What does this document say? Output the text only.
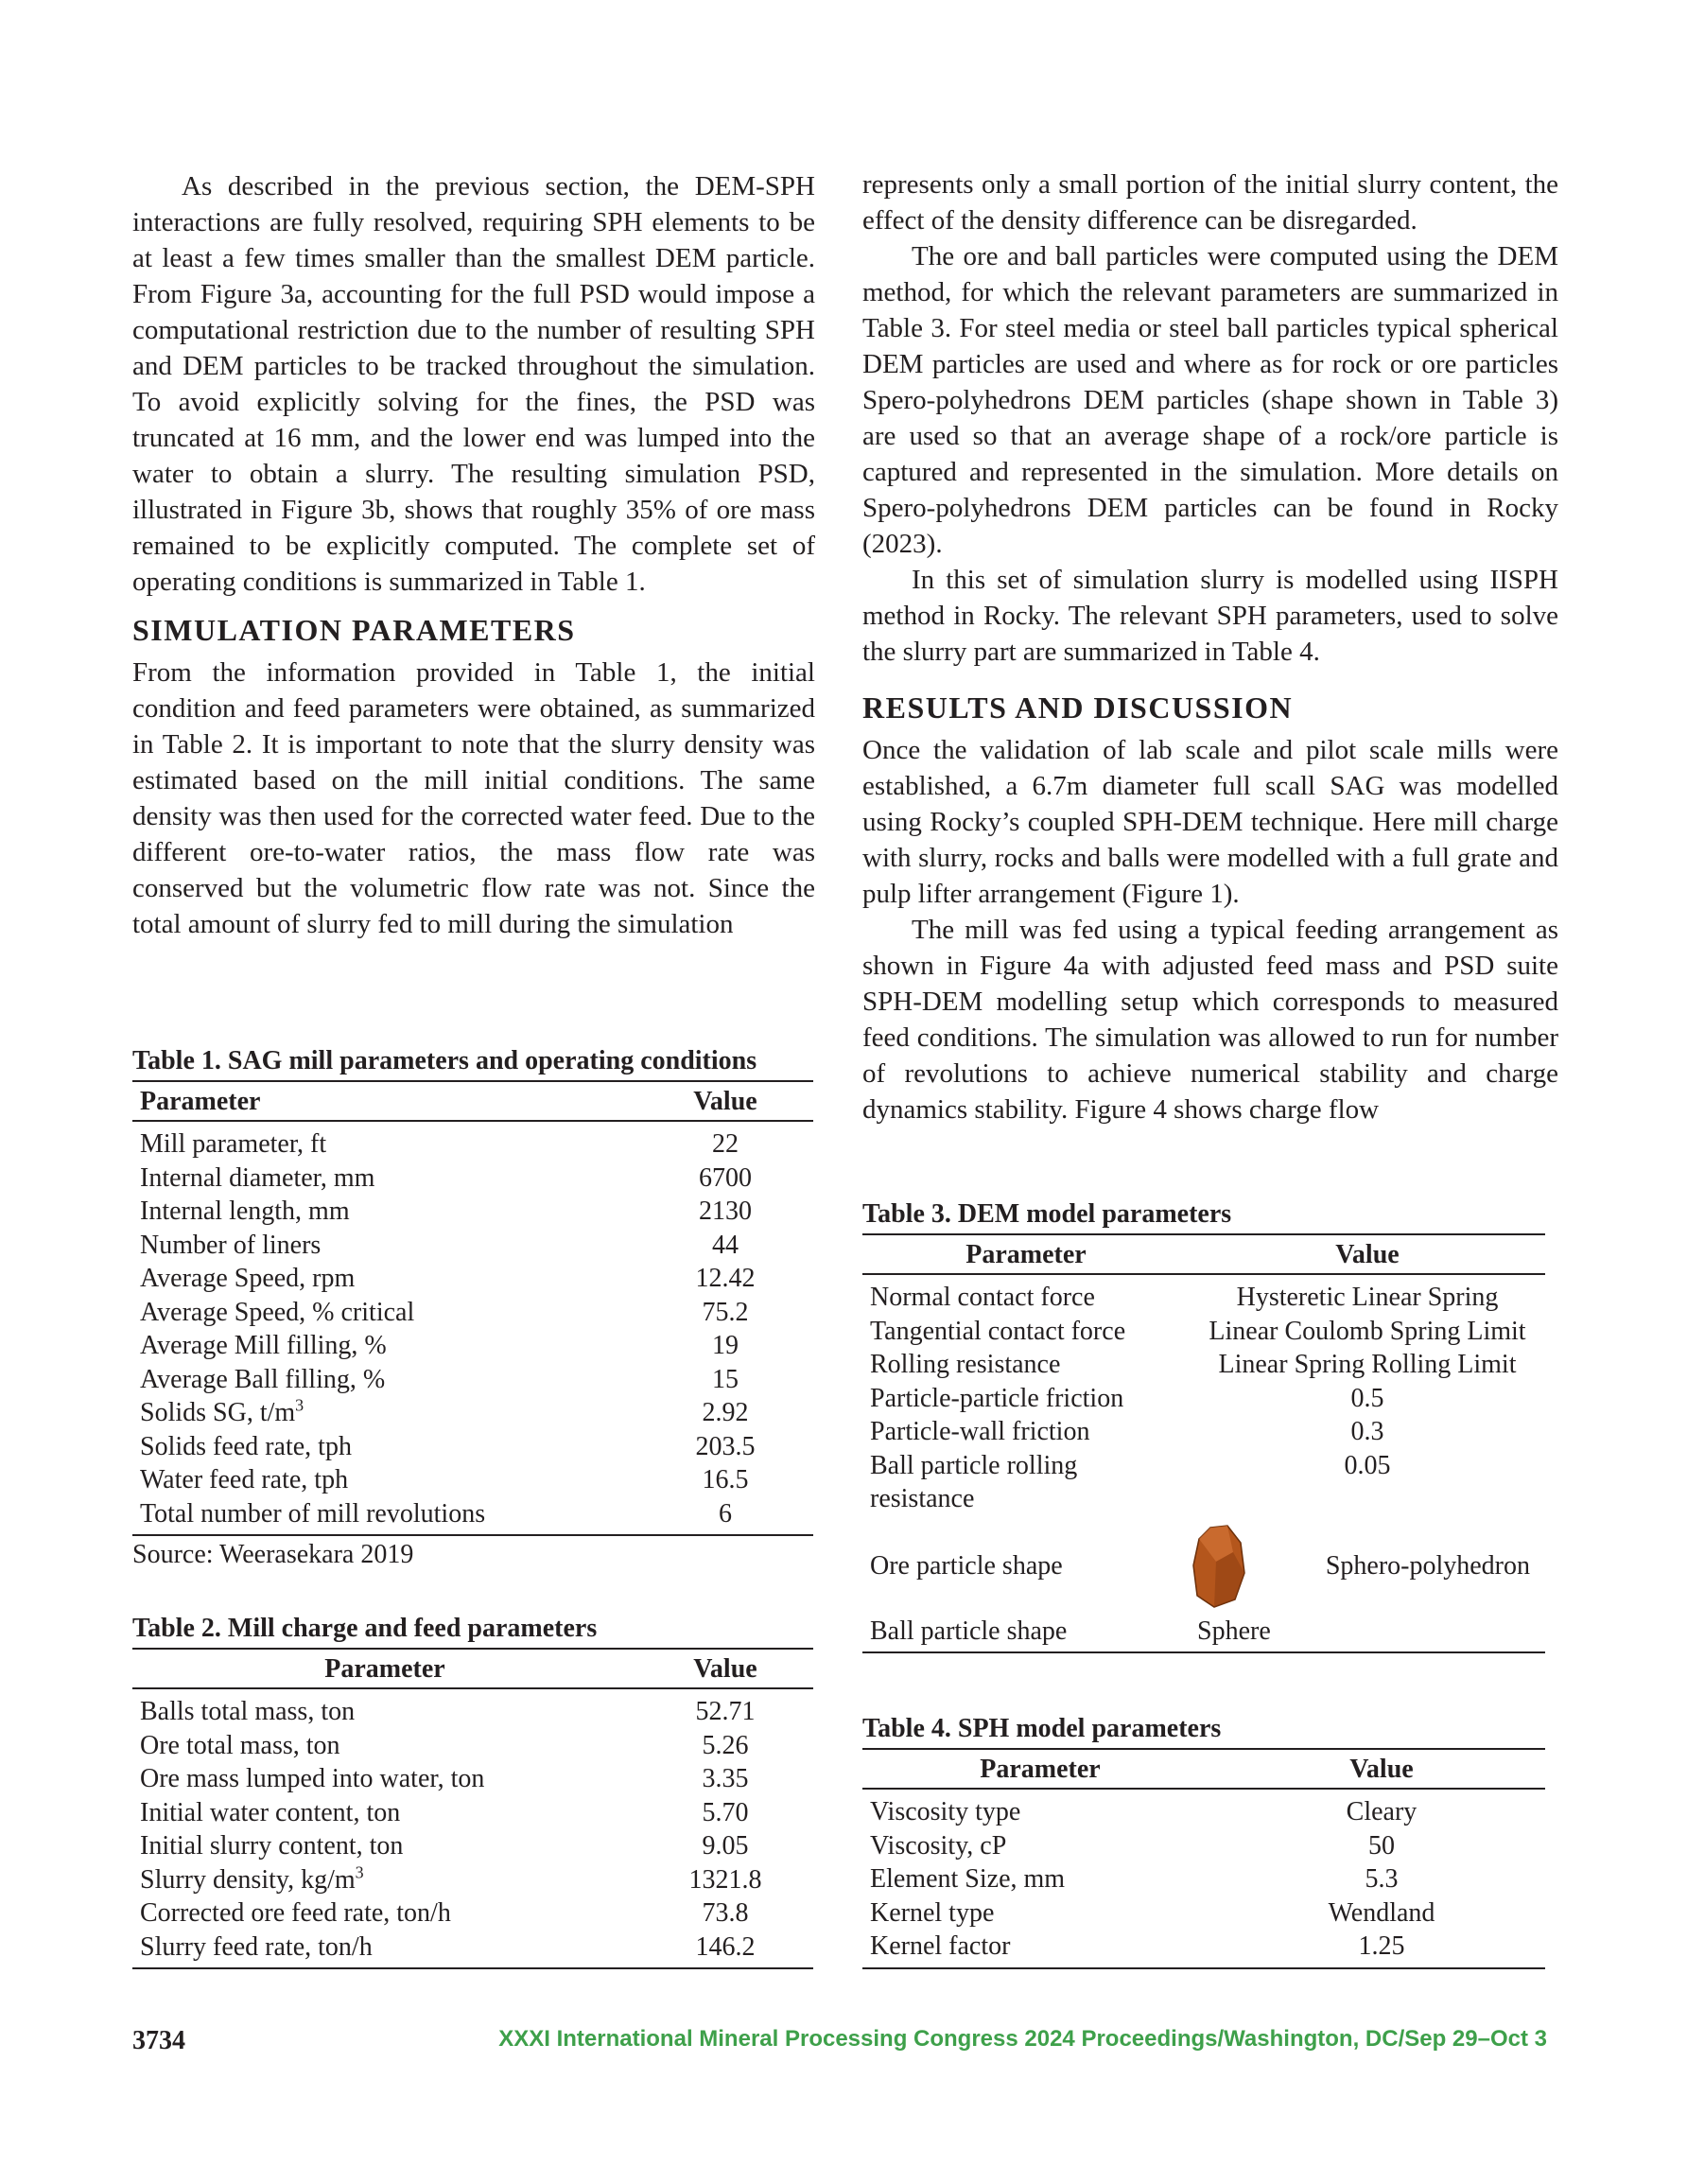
As described in the previous section, the DEM-SPH interactions are fully resolved, requiring SPH elements to be at least a few times smaller than the smallest DEM particle. From Figure 3a, accounting for the full PSD would impose a computational restriction due to the number of resulting SPH and DEM particles to be tracked throughout the simulation. To avoid explicitly solving for the fines, the PSD was truncated at 16 mm, and the lower end was lumped into the water to obtain a slurry. The resulting simulation PSD, illustrated in Figure 3b, shows that roughly 35% of ore mass remained to be explicitly computed. The complete set of operating conditions is summarized in Table 1.

SIMULATION PARAMETERS

From the information provided in Table 1, the initial condition and feed parameters were obtained, as summarized in Table 2. It is important to note that the slurry density was estimated based on the mill initial conditions. The same density was then used for the corrected water feed. Due to the different ore-to-water ratios, the mass flow rate was conserved but the volumetric flow rate was not. Since the total amount of slurry fed to mill during the simulation

represents only a small portion of the initial slurry content, the effect of the density difference can be disregarded.

The ore and ball particles were computed using the DEM method, for which the relevant parameters are summarized in Table 3. For steel media or steel ball particles typical spherical DEM particles are used and where as for rock or ore particles Spero-polyhedrons DEM particles (shape shown in Table 3) are used so that an average shape of a rock/ore particle is captured and represented in the simulation. More details on Spero-polyhedrons DEM particles can be found in Rocky (2023).

In this set of simulation slurry is modelled using IISPH method in Rocky. The relevant SPH parameters, used to solve the slurry part are summarized in Table 4.

RESULTS AND DISCUSSION

Once the validation of lab scale and pilot scale mills were established, a 6.7m diameter full scall SAG was modelled using Rocky’s coupled SPH-DEM technique. Here mill charge with slurry, rocks and balls were modelled with a full grate and pulp lifter arrangement (Figure 1).

The mill was fed using a typical feeding arrangement as shown in Figure 4a with adjusted feed mass and PSD suite SPH-DEM modelling setup which corresponds to measured feed conditions. The simulation was allowed to run for number of revolutions to achieve numerical stability and charge dynamics stability. Figure 4 shows charge flow

Table 1. SAG mill parameters and operating conditions
Parameter	Value
Mill parameter, ft	22
Internal diameter, mm	6700
Internal length, mm	2130
Number of liners	44
Average Speed, rpm	12.42
Average Speed, % critical	75.2
Average Mill filling, %	19
Average Ball filling, %	15
Solids SG, $t/m^3$	2.92
Solids feed rate, tph	203.5
Water feed rate, tph	16.5
Total number of mill revolutions	6
Source: Weerasekara 2019
Table 2. Mill charge and feed parameters
Parameter	Value
Balls total mass, ton	52.71
Ore total mass, ton	5.26
Ore mass lumped into water, ton	3.35
Initial water content, ton	5.70
Initial slurry content, ton	9.05
Slurry density, $kg/m^3$	1321.8
Corrected ore feed rate, ton/h	73.8
Slurry feed rate, ton/h	146.2
Table 3. DEM model parameters
Parameter	Value
Normal contact force	Hysteretic Linear Spring
Tangential contact force	Linear Coulomb Spring Limit
Rolling resistance	Linear Spring Rolling Limit
Particle-particle friction	0.5
Particle-wall friction	0.3
Ball particle rolling resistance	0.05
Ore particle shape	Sphero-polyhedron

Ball particle shape	Sphere
Table 4. SPH model parameters
Parameter	Value
Viscosity type	Cleary
Viscosity, cP	50
Element Size, mm	5.3
Kernel type	Wendland
Kernel factor	1.25
3734	XXXI International Mineral Processing Congress 2024 Proceedings/Washington, DC/Sep 29–Oct 3
